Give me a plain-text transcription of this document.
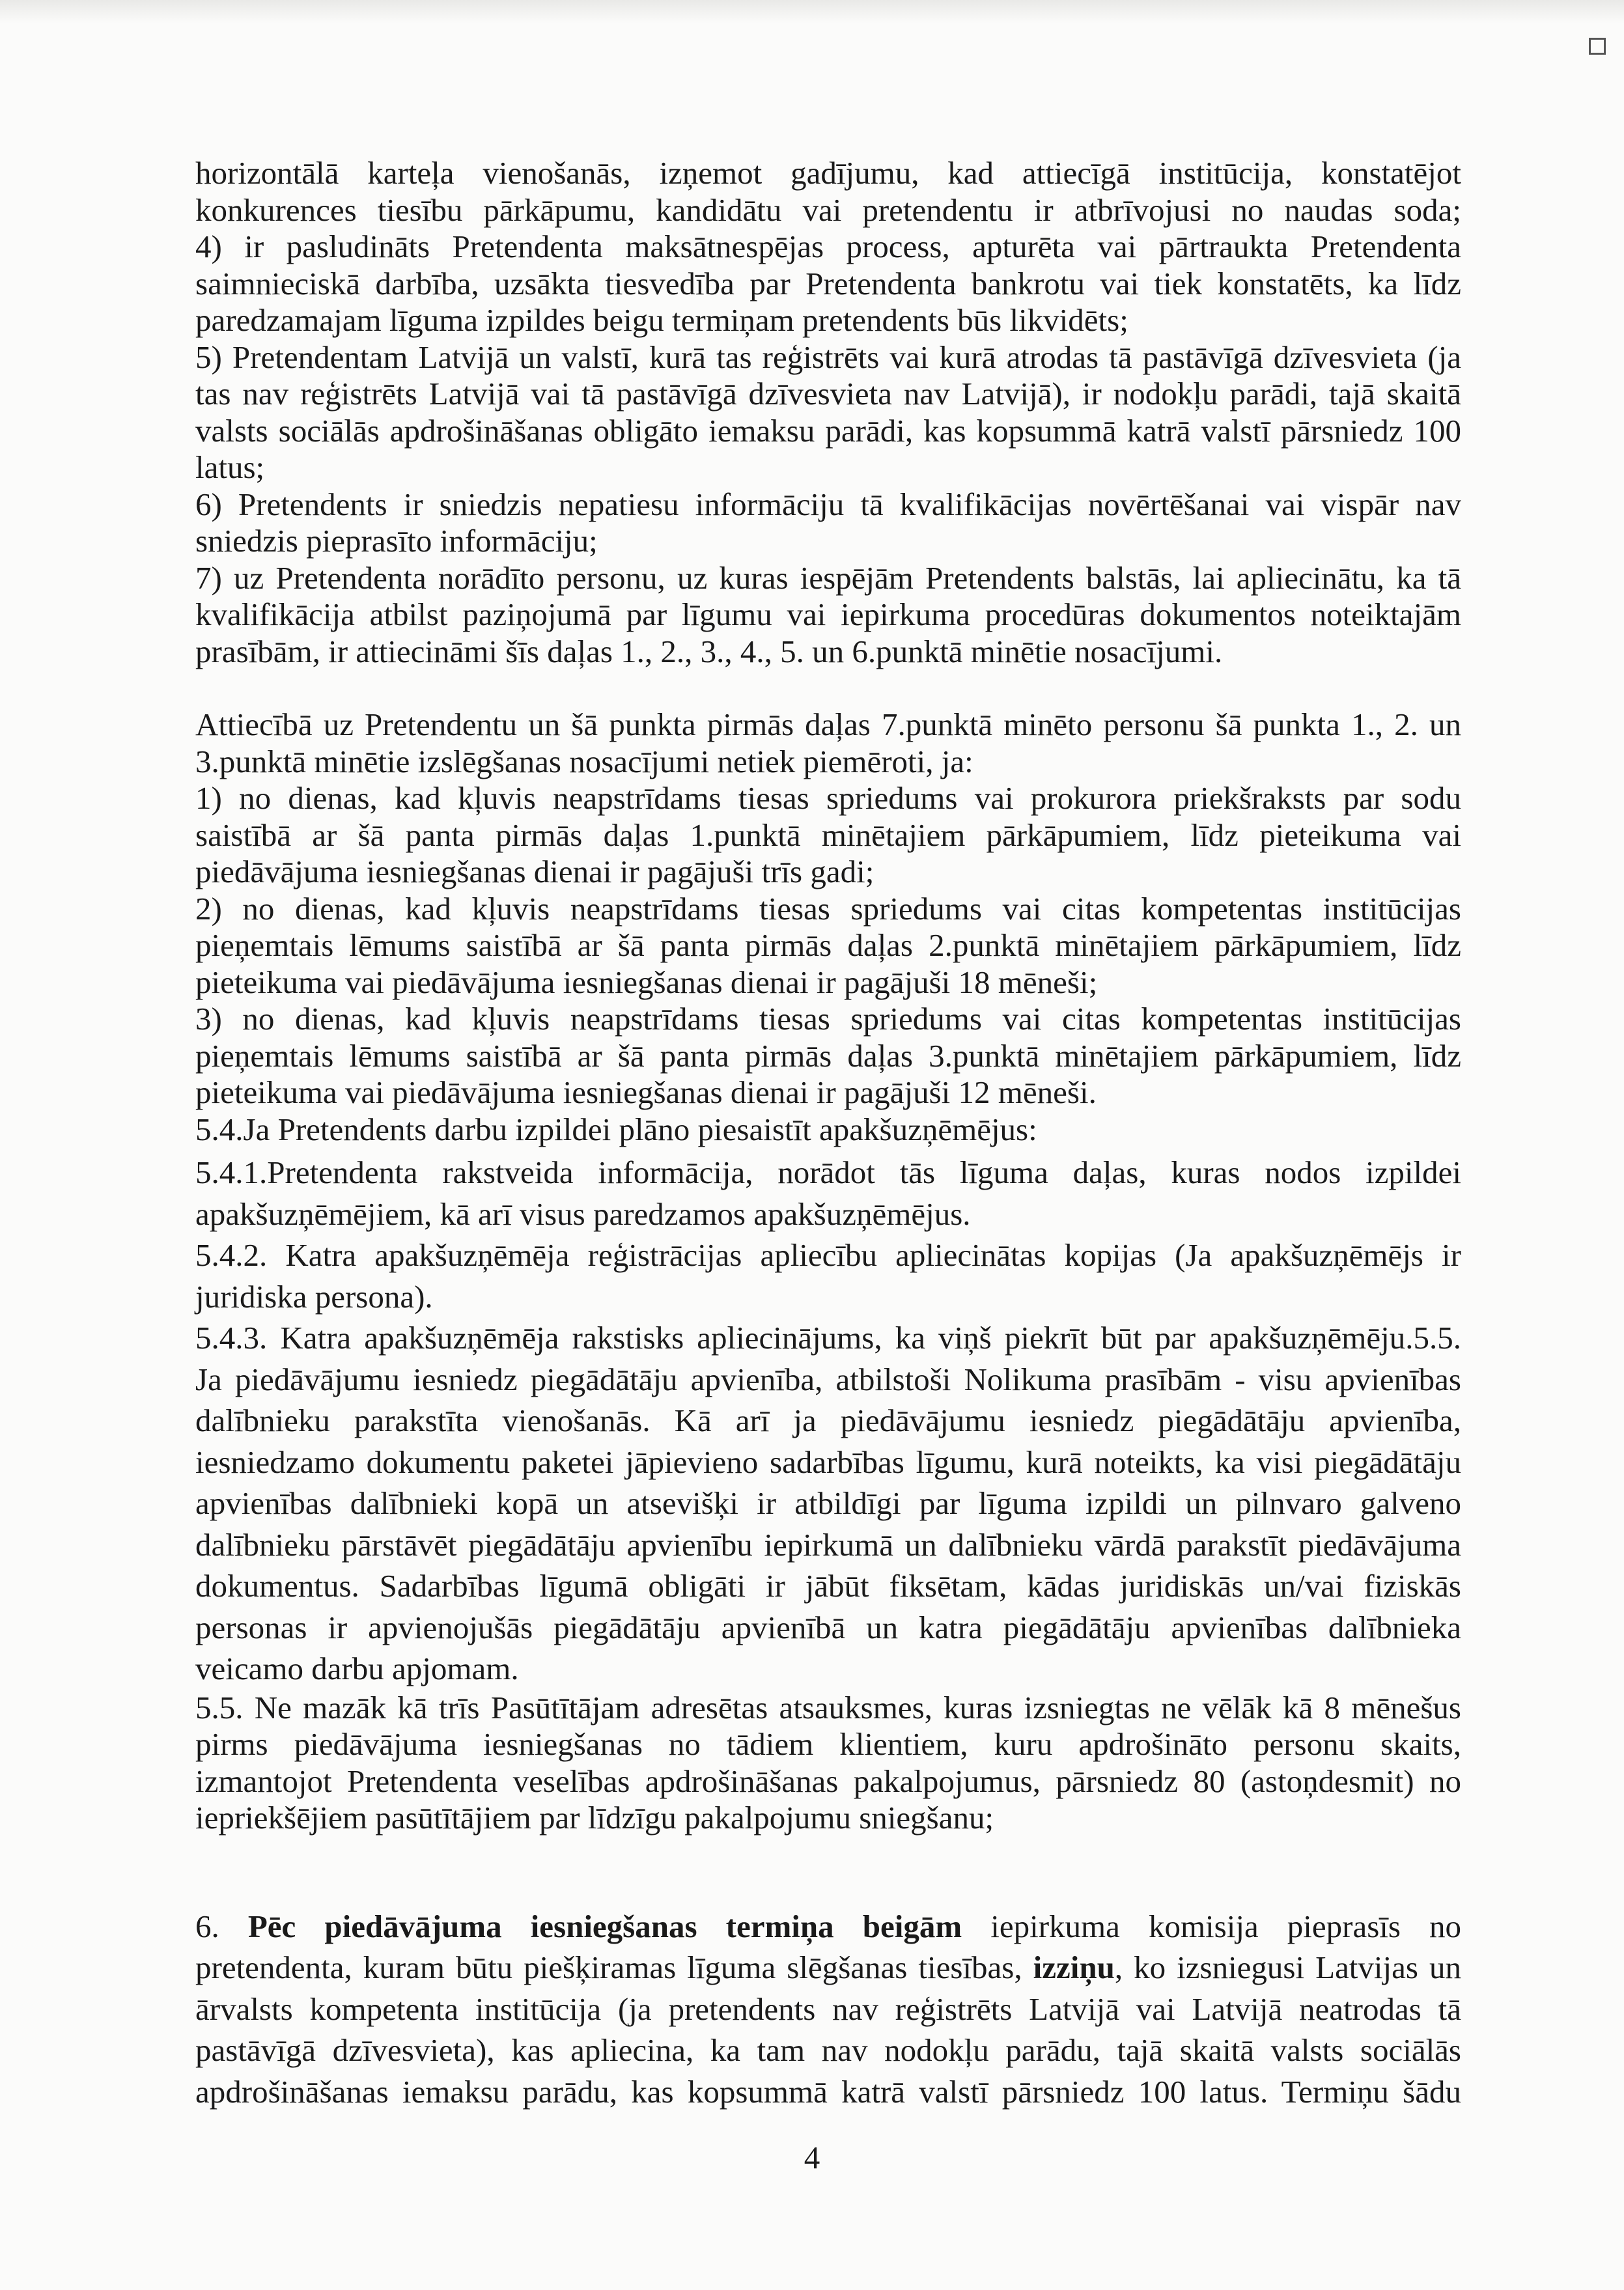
horizontālā karteļa vienošanās, izņemot gadījumu, kad attiecīgā institūcija, konstatējot
konkurences tiesību pārkāpumu, kandidātu vai pretendentu ir atbrīvojusi no naudas soda;
4) ir pasludināts Pretendenta maksātnespējas process, apturēta vai pārtraukta Pretendenta
saimnieciskā darbība, uzsākta tiesvedība par Pretendenta bankrotu vai tiek konstatēts, ka līdz
paredzamajam līguma izpildes beigu termiņam pretendents būs likvidēts;
5) Pretendentam Latvijā un valstī, kurā tas reģistrēts vai kurā atrodas tā pastāvīgā dzīvesvieta (ja
tas nav reģistrēts Latvijā vai tā pastāvīgā dzīvesvieta nav Latvijā), ir nodokļu parādi, tajā skaitā
valsts sociālās apdrošināšanas obligāto iemaksu parādi, kas kopsummā katrā valstī pārsniedz 100
latus;
6) Pretendents ir sniedzis nepatiesu informāciju tā kvalifikācijas novērtēšanai vai vispār nav
sniedzis pieprasīto informāciju;
7) uz Pretendenta norādīto personu, uz kuras iespējām Pretendents balstās, lai apliecinātu, ka tā
kvalifikācija atbilst paziņojumā par līgumu vai iepirkuma procedūras dokumentos noteiktajām
prasībām, ir attiecināmi šīs daļas 1., 2., 3., 4., 5. un 6.punktā minētie nosacījumi.
Attiecībā uz Pretendentu un šā punkta pirmās daļas 7.punktā minēto personu šā punkta 1., 2. un
3.punktā minētie izslēgšanas nosacījumi netiek piemēroti, ja:
1) no dienas, kad kļuvis neapstrīdams tiesas spriedums vai prokurora priekšraksts par sodu
saistībā ar šā panta pirmās daļas 1.punktā minētajiem pārkāpumiem, līdz pieteikuma vai
piedāvājuma iesniegšanas dienai ir pagājuši trīs gadi;
2) no dienas, kad kļuvis neapstrīdams tiesas spriedums vai citas kompetentas institūcijas
pieņemtais lēmums saistībā ar šā panta pirmās daļas 2.punktā minētajiem pārkāpumiem, līdz
pieteikuma vai piedāvājuma iesniegšanas dienai ir pagājuši 18 mēneši;
3) no dienas, kad kļuvis neapstrīdams tiesas spriedums vai citas kompetentas institūcijas
pieņemtais lēmums saistībā ar šā panta pirmās daļas 3.punktā minētajiem pārkāpumiem, līdz
pieteikuma vai piedāvājuma iesniegšanas dienai ir pagājuši 12 mēneši.
5.4.Ja Pretendents darbu izpildei plāno piesaistīt apakšuzņēmējus:
5.4.1.Pretendenta rakstveida informācija, norādot tās līguma daļas, kuras nodos izpildei
apakšuzņēmējiem, kā arī visus paredzamos apakšuzņēmējus.
5.4.2. Katra apakšuzņēmēja reģistrācijas apliecību apliecinātas kopijas (Ja apakšuzņēmējs ir
juridiska persona).
5.4.3. Katra apakšuzņēmēja rakstisks apliecinājums, ka viņš piekrīt būt par apakšuzņēmēju.5.5.
Ja piedāvājumu iesniedz piegādātāju apvienība, atbilstoši Nolikuma prasībām - visu apvienības
dalībnieku parakstīta vienošanās. Kā arī ja piedāvājumu iesniedz piegādātāju apvienība,
iesniedzamo dokumentu paketei jāpievieno sadarbības līgumu, kurā noteikts, ka visi piegādātāju
apvienības dalībnieki kopā un atsevišķi ir atbildīgi par līguma izpildi un pilnvaro galveno
dalībnieku pārstāvēt piegādātāju apvienību iepirkumā un dalībnieku vārdā parakstīt piedāvājuma
dokumentus. Sadarbības līgumā obligāti ir jābūt fiksētam, kādas juridiskās un/vai fiziskās
personas ir apvienojušās piegādātāju apvienībā un katra piegādātāju apvienības dalībnieka
veicamo darbu apjomam.
5.5. Ne mazāk kā trīs Pasūtītājam adresētas atsauksmes, kuras izsniegtas ne vēlāk kā 8 mēnešus
pirms piedāvājuma iesniegšanas no tādiem klientiem, kuru apdrošināto personu skaits,
izmantojot Pretendenta veselības apdrošināšanas pakalpojumus, pārsniedz 80 (astoņdesmit) no
iepriekšējiem pasūtītājiem par līdzīgu pakalpojumu sniegšanu;
6. Pēc piedāvājuma iesniegšanas termiņa beigām iepirkuma komisija pieprasīs no
pretendenta, kuram būtu piešķiramas līguma slēgšanas tiesības, izziņu, ko izsniegusi Latvijas un
ārvalsts kompetenta institūcija (ja pretendents nav reģistrēts Latvijā vai Latvijā neatrodas tā
pastāvīgā dzīvesvieta), kas apliecina, ka tam nav nodokļu parādu, tajā skaitā valsts sociālās
apdrošināšanas iemaksu parādu, kas kopsummā katrā valstī pārsniedz 100 latus. Termiņu šādu
4
